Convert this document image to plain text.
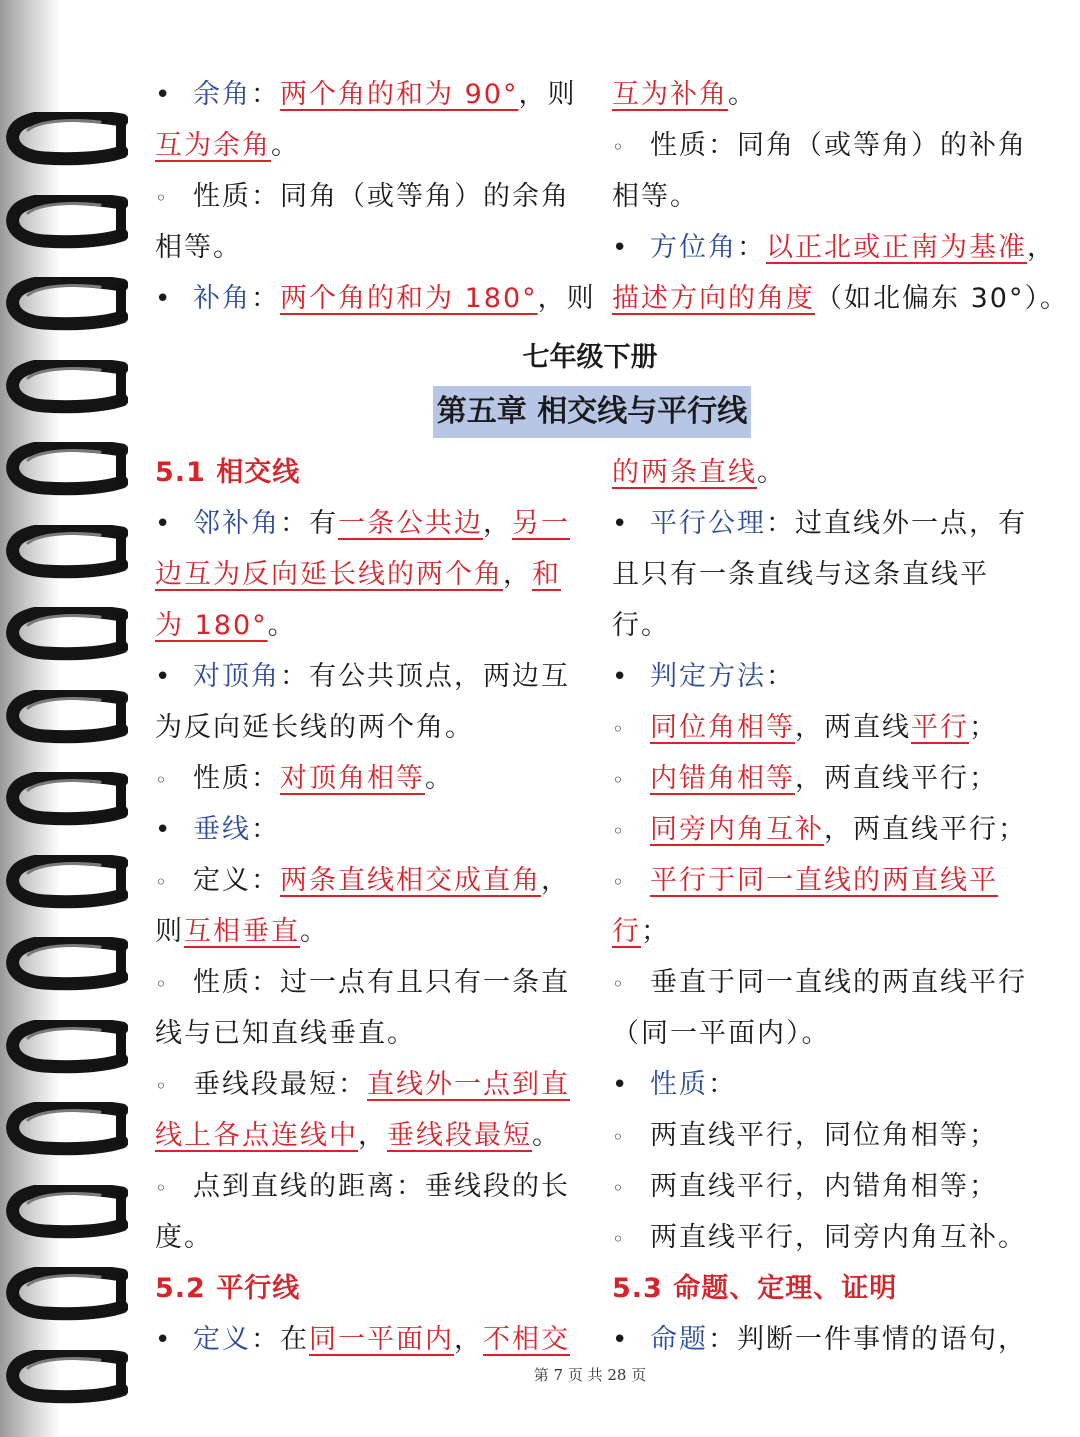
• 余角：两个角的和为 90°，则
互为余角。
◦ 性质：同角（或等角）的余角
相等。
• 补角：两个角的和为 180°，则
互为补角。
◦ 性质：同角（或等角）的补角
相等。
• 方位角：以正北或正南为基准，
描述方向的角度（如北偏东 30°）。
七年级下册
第五章 相交线与平行线
5.1 相交线
• 邻补角：有一条公共边，另一
边互为反向延长线的两个角，和
为 180°。
• 对顶角：有公共顶点，两边互
为反向延长线的两个角。
◦ 性质：对顶角相等。
• 垂线：
◦ 定义：两条直线相交成直角，
则互相垂直。
◦ 性质：过一点有且只有一条直
线与已知直线垂直。
◦ 垂线段最短：直线外一点到直
线上各点连线中，垂线段最短。
◦ 点到直线的距离：垂线段的长
度。
5.2 平行线
• 定义：在同一平面内，不相交
的两条直线。
• 平行公理：过直线外一点，有
且只有一条直线与这条直线平
行。
• 判定方法：
◦ 同位角相等，两直线平行；
◦ 内错角相等，两直线平行；
◦ 同旁内角互补，两直线平行；
◦ 平行于同一直线的两直线平
行；
◦ 垂直于同一直线的两直线平行
（同一平面内）。
• 性质：
◦ 两直线平行，同位角相等；
◦ 两直线平行，内错角相等；
◦ 两直线平行，同旁内角互补。
5.3 命题、定理、证明
• 命题：判断一件事情的语句，
第 7 页 共 28 页
